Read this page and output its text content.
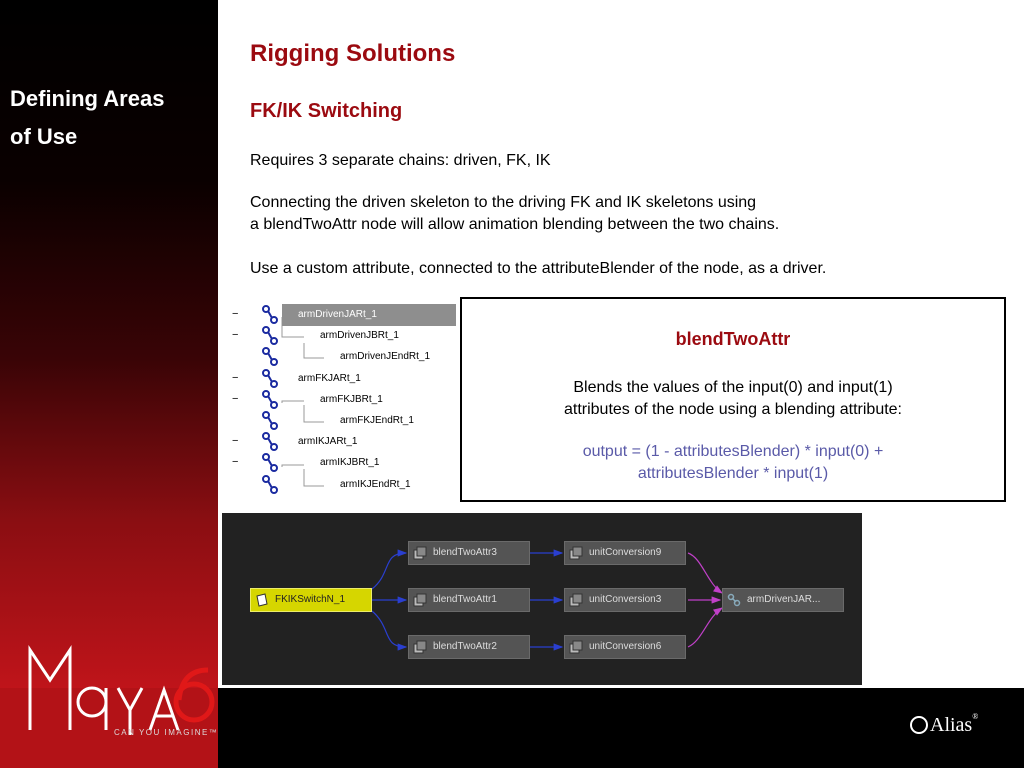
Defining Areas
of Use
CAN YOU IMAGINE™	Alias®
Rigging Solutions
FK/IK Switching
Requires 3 separate chains: driven, FK, IK
Connecting the driven skeleton to the driving FK and IK skeletons using
a blendTwoAttr node will allow animation blending between the two chains.
Use a custom attribute, connected to the attributeBlender of the node, as a driver.
−	armDrivenJARt_1
−	armDrivenJBRt_1
armDrivenJEndRt_1
−	armFKJARt_1
−	armFKJBRt_1
armFKJEndRt_1
−	armIKJARt_1
−	armIKJBRt_1
armIKJEndRt_1
blendTwoAttr
Blends the values of the input(0) and input(1)
attributes of the node using a blending attribute:
output = (1 - attributesBlender) * input(0) +
attributesBlender * input(1)
FKIKSwitchN_1
blendTwoAttr3
blendTwoAttr1
blendTwoAttr2
unitConversion9
unitConversion3
unitConversion6
armDrivenJAR...
